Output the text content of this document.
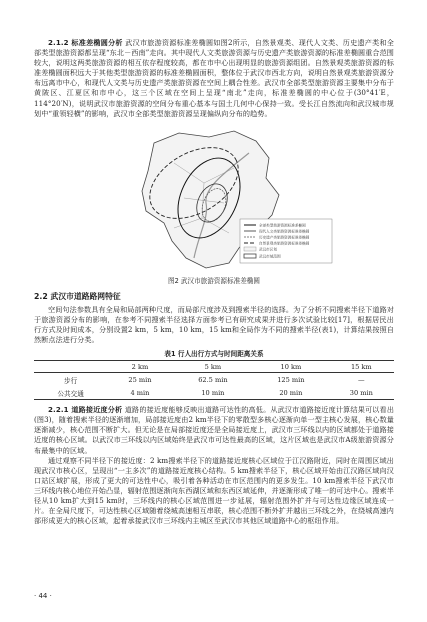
2.1.2 标准差椭圆分析 武汉市旅游资源标准差椭圆如图2所示，自然景观类、现代人文类、历史遗产类和全部类型旅游资源都呈现“东北－西南”走向。其中现代人文类旅游资源与历史遗产类旅游资源的标准差椭圆重合范围较大，说明这两类旅游资源的相互依存程度较高，都在市中心出现明显的旅游资源组团。自然景观类旅游资源的标准差椭圆面积远大于其他类型旅游资源的标准差椭圆面积，整体位于武汉市西北方向，说明自然景观类旅游资源分布远离市中心，和现代人文类与历史遗产类旅游资源在空间上耦合性差。武汉市全部类型旅游资源主要集中分布于黄陂区、江夏区和市中心，这三个区域在空间上呈现“南北”走向，标准差椭圆的中心位于(30°41′E，114°20′N)，说明武汉市旅游资源的空间分布重心基本与国土几何中心保持一致。受长江自然流向和武汉城市规划中“重领轻横”的影响，武汉市全部类型旅游资源呈现偏纵向分布的趋势。

全部类型旅游资源标准差椭圆
现代人文类旅游资源标准差椭圆
历史遗产类旅游资源标准差椭圆
自然景观类旅游资源标准差椭圆
武汉市区划
武汉市域范围
图2 武汉市旅游资源标准差椭圆
2.2 武汉市道路路网特征

空间句法参数具有全局和局部两种尺度，而局部尺度涉及到搜索半径的选择。为了分析不同搜索半径下道路对于旅游资源分布的影响，在参考不同搜索半径选择方面参考已有研究成果并进行多次试验比较[17]，根据居民出行方式及时间成本，分别设置2 km，5 km，10 km，15 km和全局作为不同的搜索半径(表1)，计算结果按照自然断点法进行分类。

表1 行人出行方式与时间距离关系
	2 km	5 km	10 km	15 km
步行	25 min	62.5 min	125 min	—
公共交通	4 min	10 min	20 min	30 min

2.2.1 道路接近度分析 道路的接近度能够反映出道路可达性的高低。从武汉市道路接近度计算结果可以看出(图3)，随着搜索半径的逐渐增加，局部接近度由2 km半径下的零散型多核心逐渐向单一型主核心发展，核心数量逐渐减少，核心范围不断扩大。但无论是在局部接近度还是全局接近度上，武汉市三环线以内的区域都处于道路接近度的核心区域。以武汉市三环线以内区域始终是武汉市可达性最高的区域，这片区域也是武汉市A级旅游资源分布最集中的区域。

通过观察不同半径下的接近度：2 km搜索半径下的道路接近度核心区域位于江汉路附近，同时在周围区域出现武汉市核心区，呈现出“一主多次”的道路接近度核心结构。5 km搜索半径下，核心区域开始由江汉路区域向汉口站区域扩展，形成了更大的可达性中心，吸引着各种活动在市区范围内的更多发生。10 km搜索半径下武汉市三环线内核心地位开始凸显，辐射范围逐渐向东西湖区域和东西区域延伸，并逐渐形成了唯一的可达中心。搜索半径从10 km扩大到15 km时，三环线内的核心区域范围进一步延展，辐射范围外扩并与可达性边缘区域连成一片。在全局尺度下，可达性核心区域随着绕城高速相互串联，核心范围不断外扩并越出三环线之外，在绕城高速内部形成更大的核心区域，起着承接武汉市三环线内主城区至武汉市其他区域道路中心的枢纽作用。

· 44 ·
